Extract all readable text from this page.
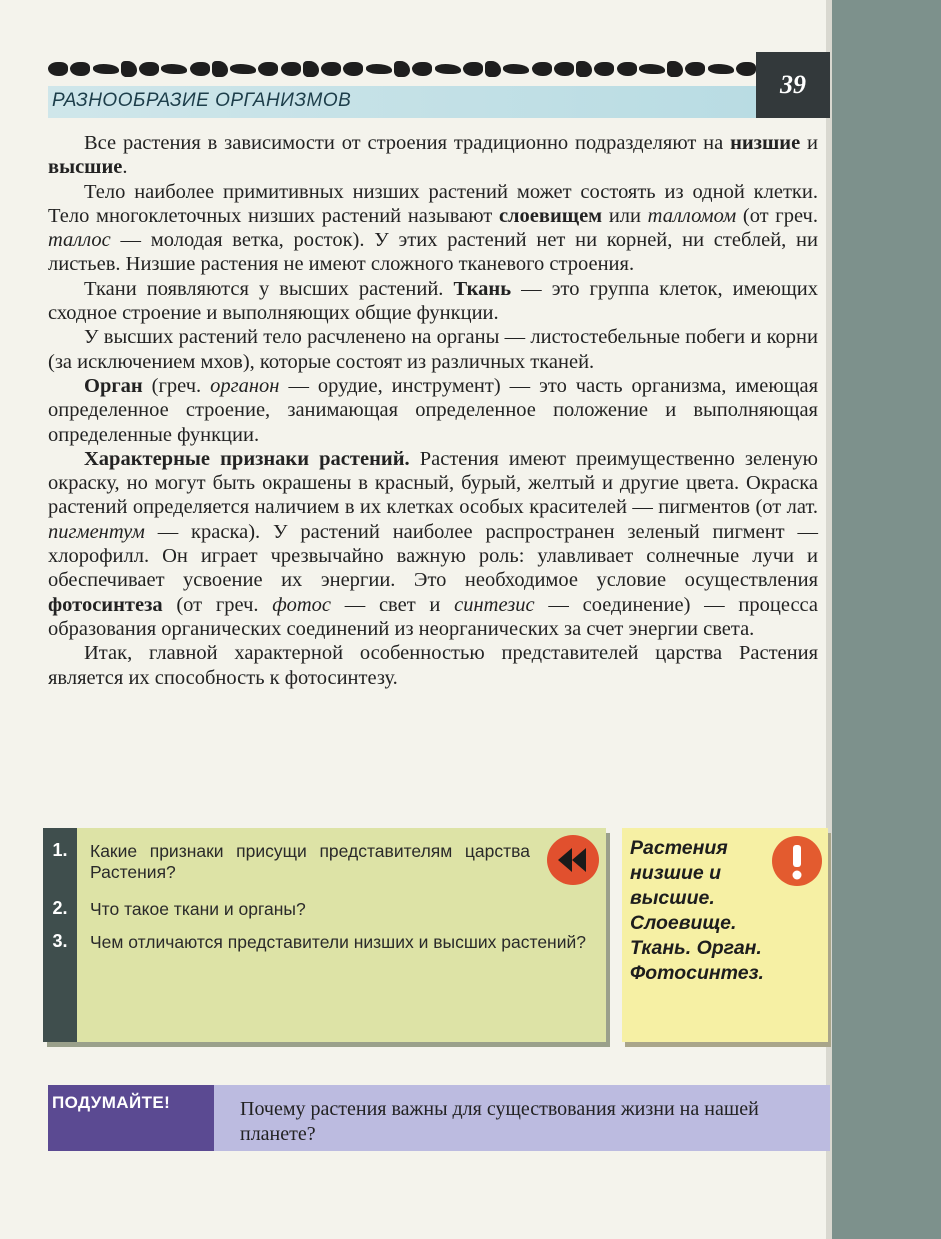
РАЗНООБРАЗИЕ ОРГАНИЗМОВ
39

Все растения в зависимости от строения традиционно подразделяют на низшие и высшие.

Тело наиболее примитивных низших растений может состоять из одной клетки. Тело многоклеточных низших растений называют слоевищем или талломом (от греч. таллос — молодая ветка, росток). У этих растений нет ни корней, ни стеблей, ни листьев. Низшие растения не имеют сложного тканевого строения.

Ткани появляются у высших растений. Ткань — это группа клеток, имеющих сходное строение и выполняющих общие функции.

У высших растений тело расчленено на органы — листостебельные побеги и корни (за исключением мхов), которые состоят из различных тканей.

Орган (греч. органон — орудие, инструмент) — это часть организма, имеющая определенное строение, занимающая определенное положение и выполняющая определенные функции.

Характерные признаки растений. Растения имеют преимущественно зеленую окраску, но могут быть окрашены в красный, бурый, желтый и другие цвета. Окраска растений определяется наличием в их клетках особых красителей — пигментов (от лат. пигментум — краска). У растений наиболее распространен зеленый пигмент — хлорофилл. Он играет чрезвычайно важную роль: улавливает солнечные лучи и обеспечивает усвоение их энергии. Это необходимое условие осуществления фотосинтеза (от греч. фотос — свет и синтезис — соединение) — процесса образования органических соединений из неорганических за счет энергии света.

Итак, главной характерной особенностью представителей царства Растения является их способность к фотосинтезу.

1.	Какие признаки присущи представителям царства Растения?
2.	Что такое ткани и органы?
3.	Чем отличаются представители низших и высших растений?
Растения
низшие и
высшие.
Слоевище.
Ткань. Орган.
Фотосинтез.
ПОДУМАЙТЕ!	Почему растения важны для существования жизни на нашей планете?
